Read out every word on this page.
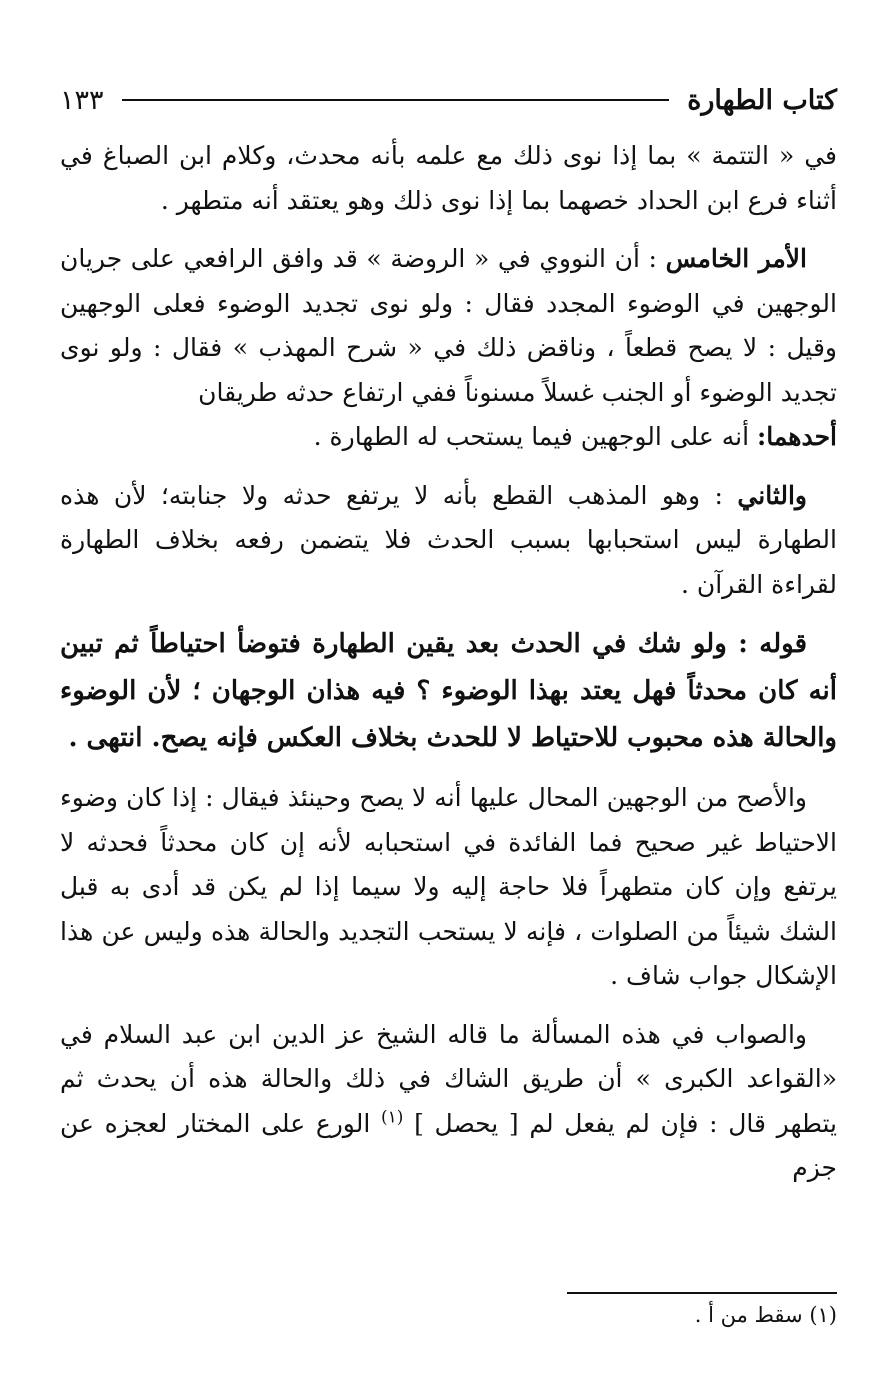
كتاب الطهارة
١٣٣

في « التتمة » بما إذا نوى ذلك مع علمه بأنه محدث، وكلام ابن الصباغ في أثناء فرع ابن الحداد خصهما بما إذا نوى ذلك وهو يعتقد أنه متطهر .

الأمر الخامس : أن النووي في « الروضة » قد وافق الرافعي على جريان الوجهين في الوضوء المجدد فقال : ولو نوى تجديد الوضوء فعلى الوجهين وقيل : لا يصح قطعاً ، وناقض ذلك في « شرح المهذب » فقال : ولو نوى تجديد الوضوء أو الجنب غسلاً مسنوناً ففي ارتفاع حدثه طريقان
أحدهما: أنه على الوجهين فيما يستحب له الطهارة .

والثاني : وهو المذهب القطع بأنه لا يرتفع حدثه ولا جنابته؛ لأن هذه الطهارة ليس استحبابها بسبب الحدث فلا يتضمن رفعه بخلاف الطهارة لقراءة القرآن .

قوله : ولو شك في الحدث بعد يقين الطهارة فتوضأ احتياطاً ثم تبين أنه كان محدثاً فهل يعتد بهذا الوضوء ؟ فيه هذان الوجهان ؛ لأن الوضوء والحالة هذه محبوب للاحتياط لا للحدث بخلاف العكس فإنه يصح. انتهى .

والأصح من الوجهين المحال عليها أنه لا يصح وحينئذ فيقال : إذا كان وضوء الاحتياط غير صحيح فما الفائدة في استحبابه لأنه إن كان محدثاً فحدثه لا يرتفع وإن كان متطهراً فلا حاجة إليه ولا سيما إذا لم يكن قد أدى به قبل الشك شيئاً من الصلوات ، فإنه لا يستحب التجديد والحالة هذه وليس عن هذا الإشكال جواب شاف .

والصواب في هذه المسألة ما قاله الشيخ عز الدين ابن عبد السلام في «القواعد الكبرى » أن طريق الشاك في ذلك والحالة هذه أن يحدث ثم يتطهر قال : فإن لم يفعل لم [ يحصل ] $^{(١)}$ الورع على المختار لعجزه عن جزم

(١) سقط من أ .
